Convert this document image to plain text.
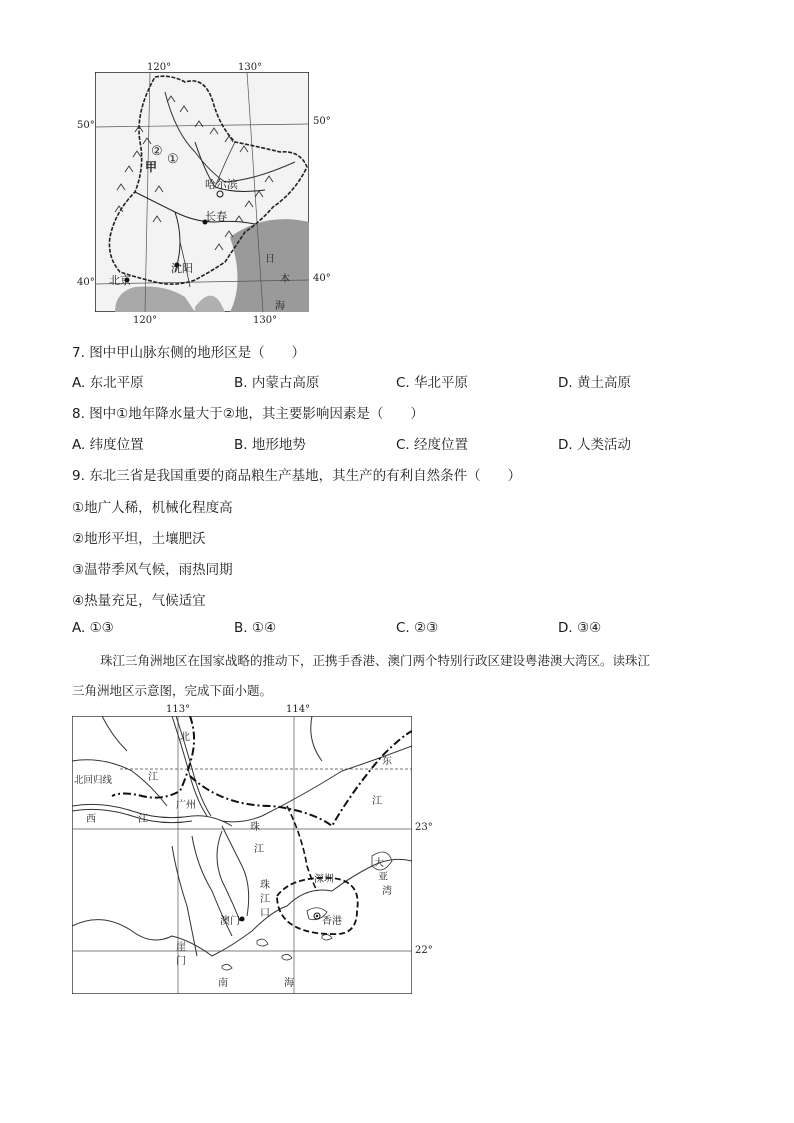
120°	130°
50°	50°
40°	40°
120°	130°
②
①
甲
哈尔滨
长春
沈阳
北京
日
本
海
7. 图中甲山脉东侧的地形区是（　　）
A. 东北平原	B. 内蒙古高原	C. 华北平原	D. 黄土高原
8. 图中①地年降水量大于②地，其主要影响因素是（　　）
A. 纬度位置	B. 地形地势	C. 经度位置	D. 人类活动
9. 东北三省是我国重要的商品粮生产基地，其生产的有利自然条件（　　）
①地广人稀，机械化程度高
②地形平坦，土壤肥沃
③温带季风气候，雨热同期
④热量充足，气候适宜
A. ①③	B. ①④	C. ②③	D. ③④
珠江三角洲地区在国家战略的推动下，正携手香港、澳门两个特别行政区建设粤港澳大湾区。读珠江
三角洲地区示意图，完成下面小题。
113°	114°
北回归线
23°
22°
北
江
东
江
西	江
广州
珠
江
珠
江
口
深圳
大
亚
湾
澳门	香港
崖
门
南	海
